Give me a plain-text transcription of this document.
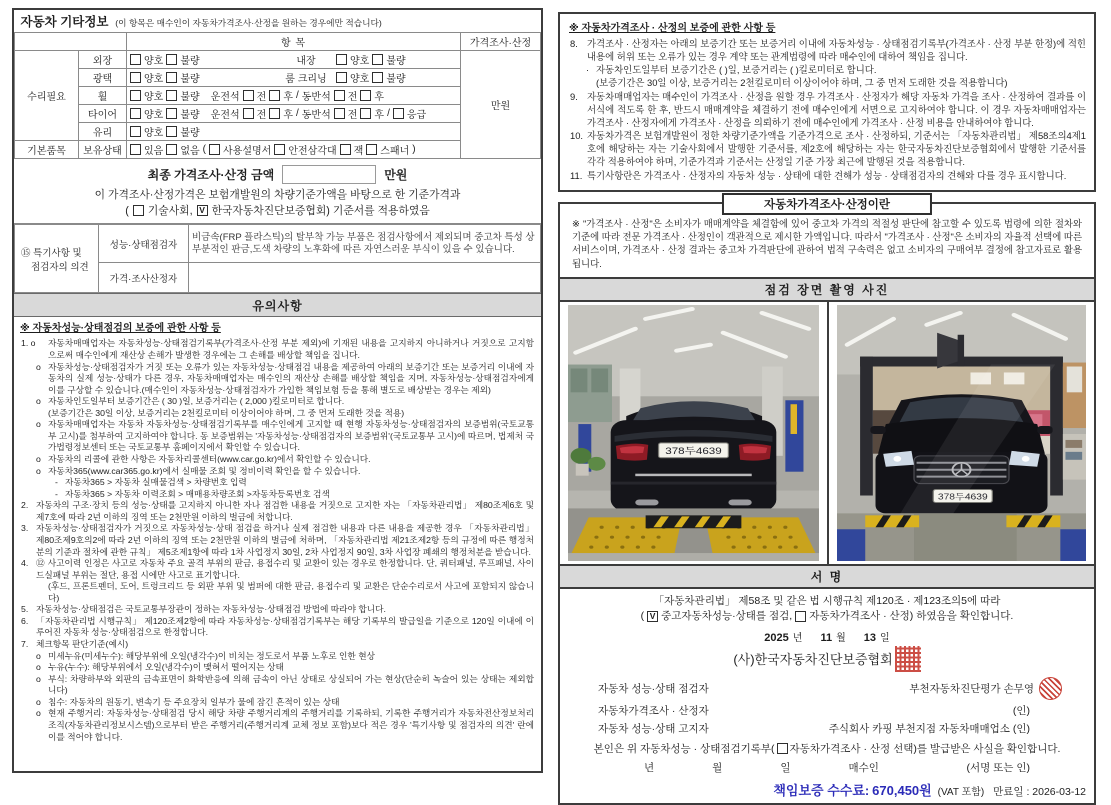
자동차 기타정보 (이 항목은 매수인이 자동차가격조사·산정을 원하는 경우에만 적습니다)			
		항 목	가격조사·산정
수리필요	외장	양호 불량 내장 양호 불량	만원
	광택	양호 불량 룸 크리닝 양호 불량	

휠	양호 불량 운전석 전 후 / 동반석 전 후

타이어	양호 불량 운전석 전 후 / 동반석 전 후 / 응급

	유리	양호 불량	

기본품목	보유상태	있음 없음 ( 사용설명서 안전삼각대 잭 스패너 )
최종 가격조사·산정 금액	만원
이 가격조사·산정가격은 보험개발원의 차량기준가액을 바탕으로 한 기준가격과
( 기술사회, V 한국자동차진단보증협회) 기준서를 적용하였음
⑮ 특기사항 및
점검자의 의견	성능·상태점검자	비금속(FRP 플라스틱)의 탈부착 가능 부품은 점검사항에서 제외되며 중고차 특성 상 부분적인 판금,도색 차량의 노후화에 따른 자연스러운 부식이 있을 수 있습니다.
	가격·조사산정자	
유의사항
※ 자동차성능·상태점검의 보증에 관한 사항 등
1. o	자동차매매업자는 자동차성능·상태점검기록부(가격조사·산정 부분 제외)에 기재된 내용을 고지하지 아니하거나 거짓으로 고지함으로써 매수인에게 재산상 손해가 발생한 경우에는 그 손해를 배상할 책임을 집니다.
o 자동차성능·상태점검자가 거짓 또는 오류가 있는 자동차성능·상태점검 내용을 제공하여 아래의 보증기간 또는 보증거리 이내에 자동차의 실제 성능·상태가 다른 경우, 자동차매매업자는 매수인의 재산상 손해를 배상할 책임을 지며, 자동차성능·상태점검자에게 이를 구상할 수 있습니다.(매수인이 자동차성능·상태점검자가 가입한 책임보험 등을 통해 별도로 배상받는 경우는 제외)
o 자동차인도일부터 보증기간은 ( 30 )일, 보증거리는 ( 2,000 )킬로미터로 합니다.
(보증기간은 30일 이상, 보증거리는 2천킬로미터 이상이어야 하며, 그 중 먼저 도래한 것을 적용)
o 자동차매매업자는 자동차 자동차성능·상태점검기록부를 매수인에게 고지할 때 현행 자동차성능·상태점검자의 보증범위(국토교통부 고시)를 첨부하여 고지하여야 합니다. 동 보증범위는 '자동차성능·상태점검자의 보증범위'(국토교통부 고시)에 따르며, 법제처 국가법령정보센터 또는 국토교통부 홈페이지에서 확인할 수 있습니다.
o 자동차의 리콜에 관한 사항은 자동차리콜센터(www.car.go.kr)에서 확인할 수 있습니다.
o 자동차365(www.car365.go.kr)에서 실매물 조회 및 정비이력 확인을 할 수 있습니다.
- 자동차365 > 자동차 실매물검색 > 차량번호 입력
- 자동차365 > 자동차 이력조회 > 매매용차량조회 >자동차등록번호 검색
2. 자동차의 구조·장치 등의 성능·상태를 고지하지 아니한 자나 점검한 내용을 거짓으로 고지한 자는 「자동차관리법」 제80조제6호 및 제7호에 따라 2년 이하의 징역 또는 2천만원 이하의 벌금에 처합니다.
3. 자동차성능·상태점검자가 거짓으로 자동차성능·상태 점검을 하거나 실제 점검한 내용과 다른 내용을 제공한 경우 「자동차관리법」 제80조제9호의2에 따라 2년 이하의 징역 또는 2천만원 이하의 벌금에 처하며, 「자동차관리법 제21조제2항 등의 규정에 따른 행정처분의 기준과 절차에 관한 규칙」 제5조제1항에 따라 1차 사업정지 30일, 2차 사업정지 90일, 3차 사업장 폐쇄의 행정처분을 받습니다.
4. ⑫ 사고이력 인정은 사고로 자동차 주요 골격 부위의 판금, 용접수리 및 교환이 있는 경우로 한정합니다. 단, 쿼터패널, 루프패널, 사이드실패널 부위는 절단, 용접 시에만 사고로 표기합니다.
(후드, 프론트펜더, 도어, 트렁크리드 등 외판 부위 및 범퍼에 대한 판금, 용접수리 및 교환은 단순수리로서 사고에 포함되지 않습니다)
5. 자동차성능·상태점검은 국토교통부장관이 정하는 자동차성능·상태점검 방법에 따라야 합니다.
6. 「자동차관리법 시행규칙」 제120조제2항에 따라 자동차성능·상태점검기록부는 해당 기록부의 발급일을 기준으로 120일 이내에 이루어진 자동차 성능·상태점검으로 한정합니다.
7. 체크항목 판단기준(예시)
o 미세누유(미세누수): 해당부위에 오일(냉각수)이 비치는 정도로서 부품 노후로 인한 현상
o 누유(누수): 해당부위에서 오일(냉각수)이 맺혀서 떨어지는 상태
o 부식: 차량하부와 외판의 금속표면이 화학반응에 의해 금속이 아닌 상태로 상실되어 가는 현상(단순히 녹슬어 있는 상태는 제외합니다)
o 침수: 자동차의 원동기, 변속기 등 주요장치 일부가 물에 잠긴 흔적이 있는 상태
o 현재 주행거리: 자동차성능·상태점검 당시 해당 차량 주행거리계의 주행거리를 기록하되, 기록한 주행거리가 자동차전산정보처리조직(자동차관리정보시스템)으로부터 받은 주행거리(주행거리계 교체 정보 포함)보다 적은 경우 '특기사항 및 점검자의 의견' 란에 이를 적어야 합니다.
※ 자동차가격조사 · 산정의 보증에 관한 사항 등
8. 가격조사 · 산정자는 아래의 보증기간 또는 보증거리 이내에 자동차성능 · 상태점검기록부(가격조사 · 산정 부분 한정)에 적힌 내용에 허위 또는 오류가 있는 경우 계약 또는 관계법령에 따라 매수인에 대하여 책임을 집니다.
· 자동차인도일부터 보증기간은 ( )일, 보증거리는 ( )킬로미터로 합니다.
(보증기간은 30일 이상, 보증거리는 2천킬로미터 이상이어야 하며, 그 중 먼저 도래한 것을 적용합니다)
9. 자동차매매업자는 매수인이 가격조사 · 산정을 원할 경우 가격조사 · 산정자가 해당 자동차 가격을 조사 · 산정하여 결과를 이 서식에 적도록 한 후, 반드시 매매계약을 체결하기 전에 매수인에게 서면으로 고지하여야 합니다. 이 경우 자동차매매업자는 가격조사 · 산정자에게 가격조사 · 산정을 의뢰하기 전에 매수인에게 가격조사 · 산정 비용을 안내하여야 합니다.
10. 자동차가격은 보험개발원이 정한 차량기준가액을 기준가격으로 조사 · 산정하되, 기준서는 「자동차관리법」 제58조의4제1호에 해당하는 자는 기술사회에서 발행한 기준서를, 제2호에 해당하는 자는 한국자동차진단보증협회에서 발행한 기준서를 각각 적용하여야 하며, 기준가격과 기준서는 산정일 기준 가장 최근에 발행된 것을 적용합니다.
11. 특기사항란은 가격조사 · 산정자의 자동차 성능 · 상태에 대한 견해가 성능 · 상태점검자의 견해와 다를 경우 표시합니다.
자동차가격조사·산정이란
※ "가격조사 · 산정"은 소비자가 매매계약을 체결함에 있어 중고차 가격의 적절성 판단에 참고할 수 있도록 법령에 의한 절차와 기준에 따라 전문 가격조사 · 산정인이 객관적으로 제시한 가액입니다. 따라서 "가격조사 · 산정"은 소비자의 자율적 선택에 따른 서비스이며, 가격조사 · 산정 결과는 중고차 가격판단에 관하여 법적 구속력은 없고 소비자의 구매여부 결정에 참고자료로 활용됩니다.
점검 장면 촬영 사진
378두4639
378두4639
서 명
「자동차관리법」 제58조 및 같은 법 시행규칙 제120조 · 제123조의5에 따라
( V 중고자동차성능·상태를 점검, 자동차가격조사 · 산정) 하였음을 확인합니다.
2025 년 11 월 13 일
(사)한국자동차진단보증협회
자동차 성능·상태 점검자	부천자동차진단평가 손무영
자동차가격조사 · 산정자	(인)
자동차 성능·상태 고지자	주식회사 카핑 부천지점 자동차매매업소 (인)
본인은 위 자동차성능 · 상태점검기록부( 자동차가격조사 · 산정 선택)를 발급받은 사실을 확인합니다.
년	월	일	매수인	(서명 또는 인)
책임보증 수수료: 670,450원 (VAT 포함) 만료일 : 2026-03-12
